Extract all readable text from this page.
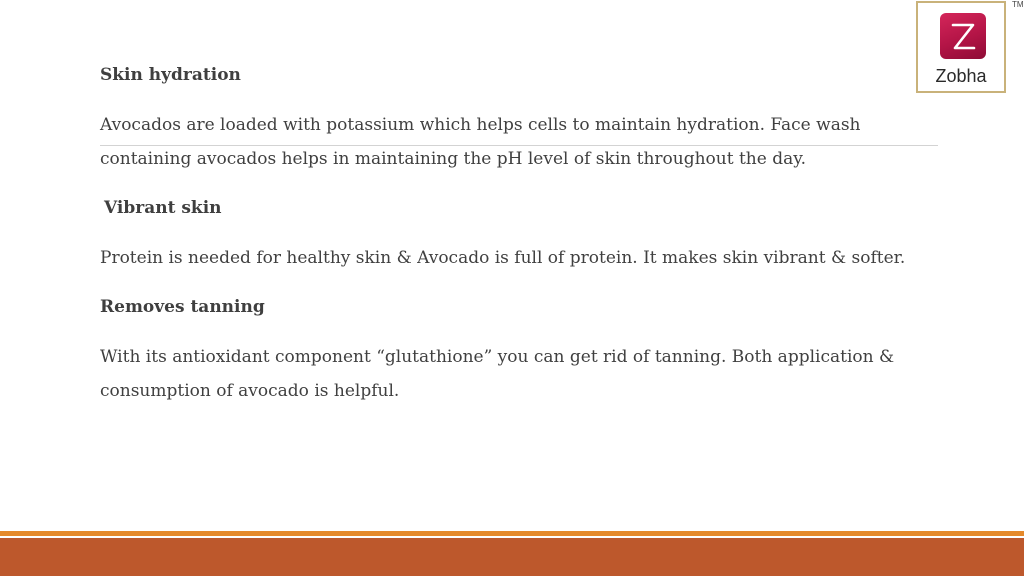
Zobha
TM
Skin hydration
Avocados are loaded with potassium which helps cells to maintain hydration. Face wash
containing avocados helps in maintaining the pH level of skin throughout the day.
Vibrant skin
Protein is needed for healthy skin & Avocado is full of protein. It makes skin vibrant & softer.
Removes tanning
With its antioxidant component “glutathione” you can get rid of tanning. Both application &
consumption of avocado is helpful.
